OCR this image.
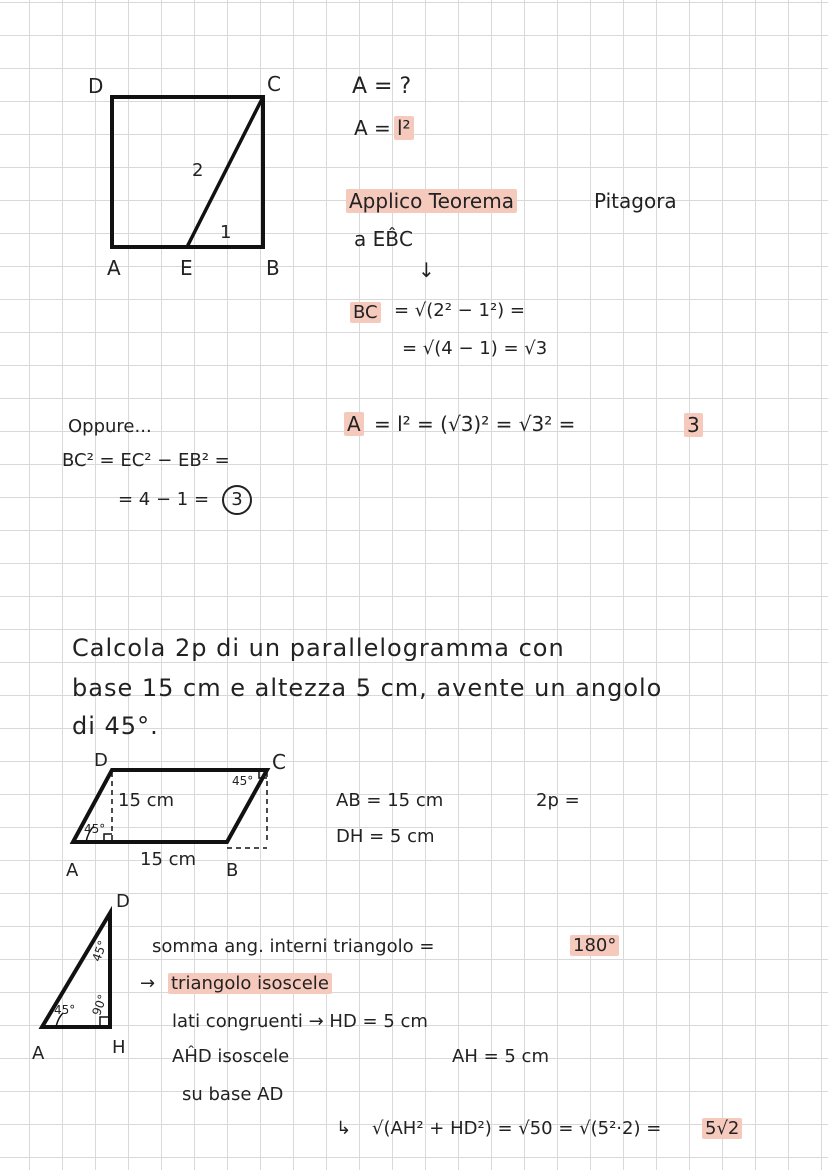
D	C
A	E	B
2
1
A = ?
A = l²
Applico Teorema	Pitagora
a EB̂C
↓
BC = √(2² − 1²) =
= √(4 − 1) = √3
A = l² = (√3)² = √3² =	3
Oppure...
BC² = EC² − EB² =
= 4 − 1 =	3
Calcola 2p di un parallelogramma con
base 15 cm e altezza 5 cm, avente un angolo
di 45°.
D	C
A	B
15 cm
15 cm
45°
45°
AB = 15 cm
DH = 5 cm
2p =
D
A	H
45°
45°
90°
somma ang. interni triangolo =	180°
→ triangolo isoscele
lati congruenti → HD = 5 cm
AĤD isoscele	AH = 5 cm
su base AD
↳ √(AH² + HD²) = √50 = √(5²·2) = 5√2
